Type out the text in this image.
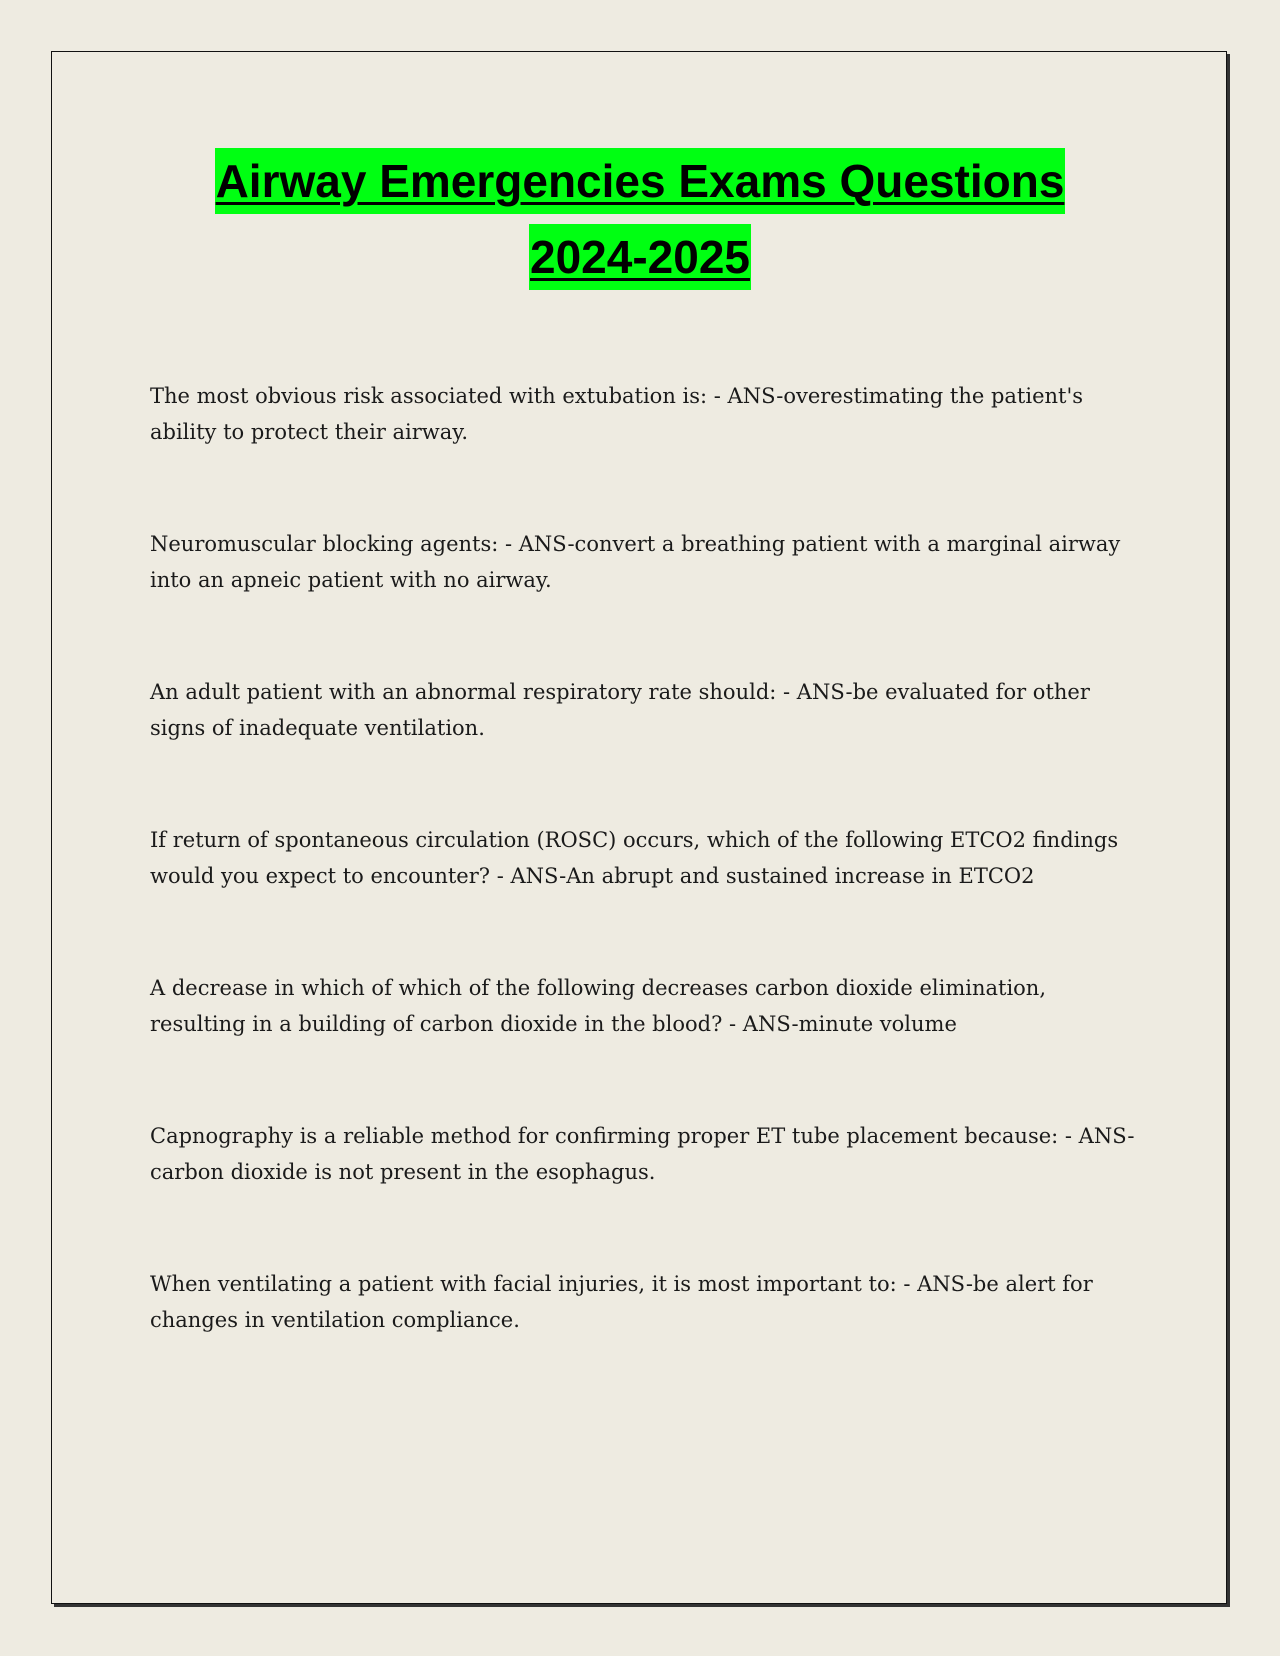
Airway Emergencies Exams Questions
2024-2025

The most obvious risk associated with extubation is: - ANS-overestimating the patient's ability to protect their airway.

Neuromuscular blocking agents: - ANS-convert a breathing patient with a marginal airway into an apneic patient with no airway.

An adult patient with an abnormal respiratory rate should: - ANS-be evaluated for other signs of inadequate ventilation.

If return of spontaneous circulation (ROSC) occurs, which of the following ETCO2 findings would you expect to encounter? - ANS-An abrupt and sustained increase in ETCO2

A decrease in which of which of the following decreases carbon dioxide elimination, resulting in a building of carbon dioxide in the blood? - ANS-minute volume

Capnography is a reliable method for confirming proper ET tube placement because: - ANS-carbon dioxide is not present in the esophagus.

When ventilating a patient with facial injuries, it is most important to: - ANS-be alert for changes in ventilation compliance.
